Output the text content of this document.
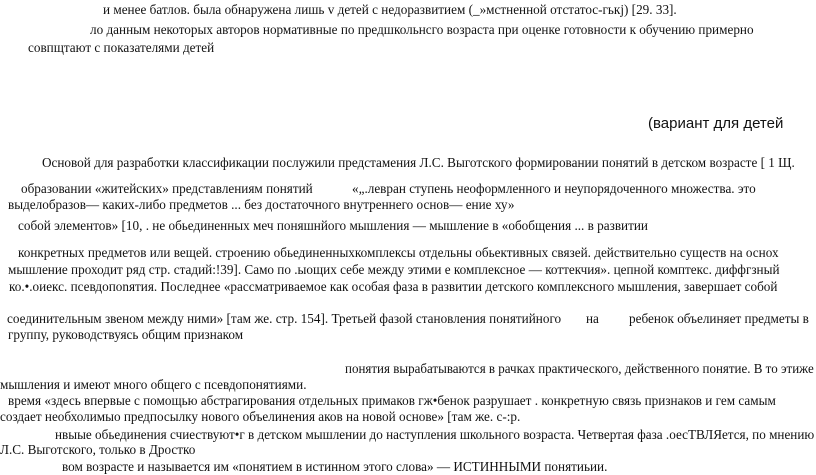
и менее батлов. была обнаружена лишь v детей с недоразвитием (_»мстненной отстатос-гькj) [29. 33].
ло данным некоторых авторов нормативные по предшкольнсго возраста при оценке готовности к обучению примерно
совпщтают с показателями детей
(вариант для детей
Основой для разработки классификации послужили предстамения Л.С. Выготского формировании понятий в детском возрасте [ 1 Щ.
образовании «житейских» представлениям понятий	«„.левран ступень неоформленного и неупорядоченного множества. это
выделобразов— каких-либо предметов ... без достаточного внутреннего основ— ение ху»
собой элементов» [10, . не обьединенных меч поняшнйого мышления — мышление в «обобщения ... в развитии
конкретных предметов или вещей. строению обьединенныхкомплексы отдельны обьективных связей. действительно существ на оснох
мышление проходит ряд стр. стадий:!39]. Само по .ыощих себе между этими е комплексное — коттекчия». цепной комптекс. диффгзный
ко.•.оиекс. псевдопоnятия. Последнее «рассматриваемое как особая фаза в развитии детского комплексного мышления, завершает собой
соединительным звеном между ними» [там же. стр. 154]. Третьей фазой становления понятийного на ребенок объелиняет предметы в
группу, руководствуясь общим признаком
понятия вырабатываются в рачках практического, действенного понятие. В то этиже
мышления и имеют много общего с псевдопонятиями.
время «здесь впервые с помощью абстрагирования отдельных примаков гж•бенок разрушает . конкретную связь признаков и гем самым
создает необхолимыо предпосылку нового объелинения аков на новой основе» [там же. с-:р.
нвыые обьединения счиествуют•г в детском мышлении до наступления школьного возраста. Четвертая фаза .оесТВЛЯется, по мнению
Л.С. Выготского, только в Дростко
вом возрасте и называется им «понятием в истинном этого слова» — ИСТИННЫМИ понятиьии.
